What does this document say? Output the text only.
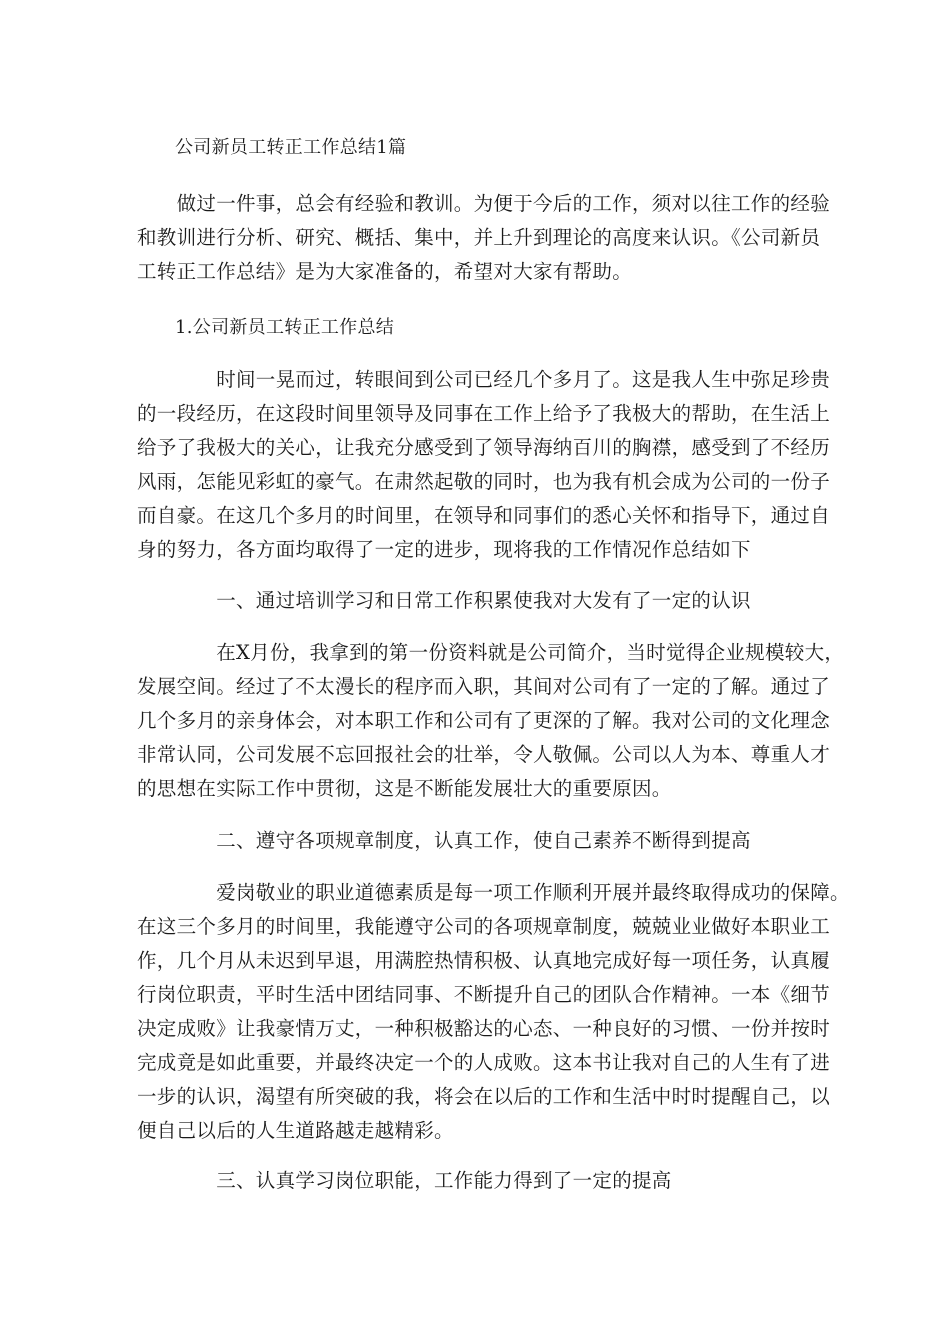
公司新员工转正工作总结1篇
　　做过一件事，总会有经验和教训。为便于今后的工作，须对以往工作的经验
和教训进行分析、研究、概括、集中，并上升到理论的高度来认识。《公司新员
工转正工作总结》是为大家准备的，希望对大家有帮助。
1.公司新员工转正工作总结
　　　　时间一晃而过，转眼间到公司已经几个多月了。这是我人生中弥足珍贵
的一段经历，在这段时间里领导及同事在工作上给予了我极大的帮助，在生活上
给予了我极大的关心，让我充分感受到了领导海纳百川的胸襟，感受到了不经历
风雨，怎能见彩虹的豪气。在肃然起敬的同时，也为我有机会成为公司的一份子
而自豪。在这几个多月的时间里，在领导和同事们的悉心关怀和指导下，通过自
身的努力，各方面均取得了一定的进步，现将我的工作情况作总结如下
　　　　一、通过培训学习和日常工作积累使我对大发有了一定的认识
　　　　在X月份，我拿到的第一份资料就是公司简介，当时觉得企业规模较大，
发展空间。经过了不太漫长的程序而入职，其间对公司有了一定的了解。通过了
几个多月的亲身体会，对本职工作和公司有了更深的了解。我对公司的文化理念
非常认同，公司发展不忘回报社会的壮举，令人敬佩。公司以人为本、尊重人才
的思想在实际工作中贯彻，这是不断能发展壮大的重要原因。
　　　　二、遵守各项规章制度，认真工作，使自己素养不断得到提高
　　　　爱岗敬业的职业道德素质是每一项工作顺利开展并最终取得成功的保障。
在这三个多月的时间里，我能遵守公司的各项规章制度，兢兢业业做好本职业工
作，几个月从未迟到早退，用满腔热情积极、认真地完成好每一项任务，认真履
行岗位职责，平时生活中团结同事、不断提升自己的团队合作精神。一本《细节
决定成败》让我豪情万丈，一种积极豁达的心态、一种良好的习惯、一份并按时
完成竟是如此重要，并最终决定一个的人成败。这本书让我对自己的人生有了进
一步的认识，渴望有所突破的我，将会在以后的工作和生活中时时提醒自己，以
便自己以后的人生道路越走越精彩。
　　　　三、认真学习岗位职能，工作能力得到了一定的提高
